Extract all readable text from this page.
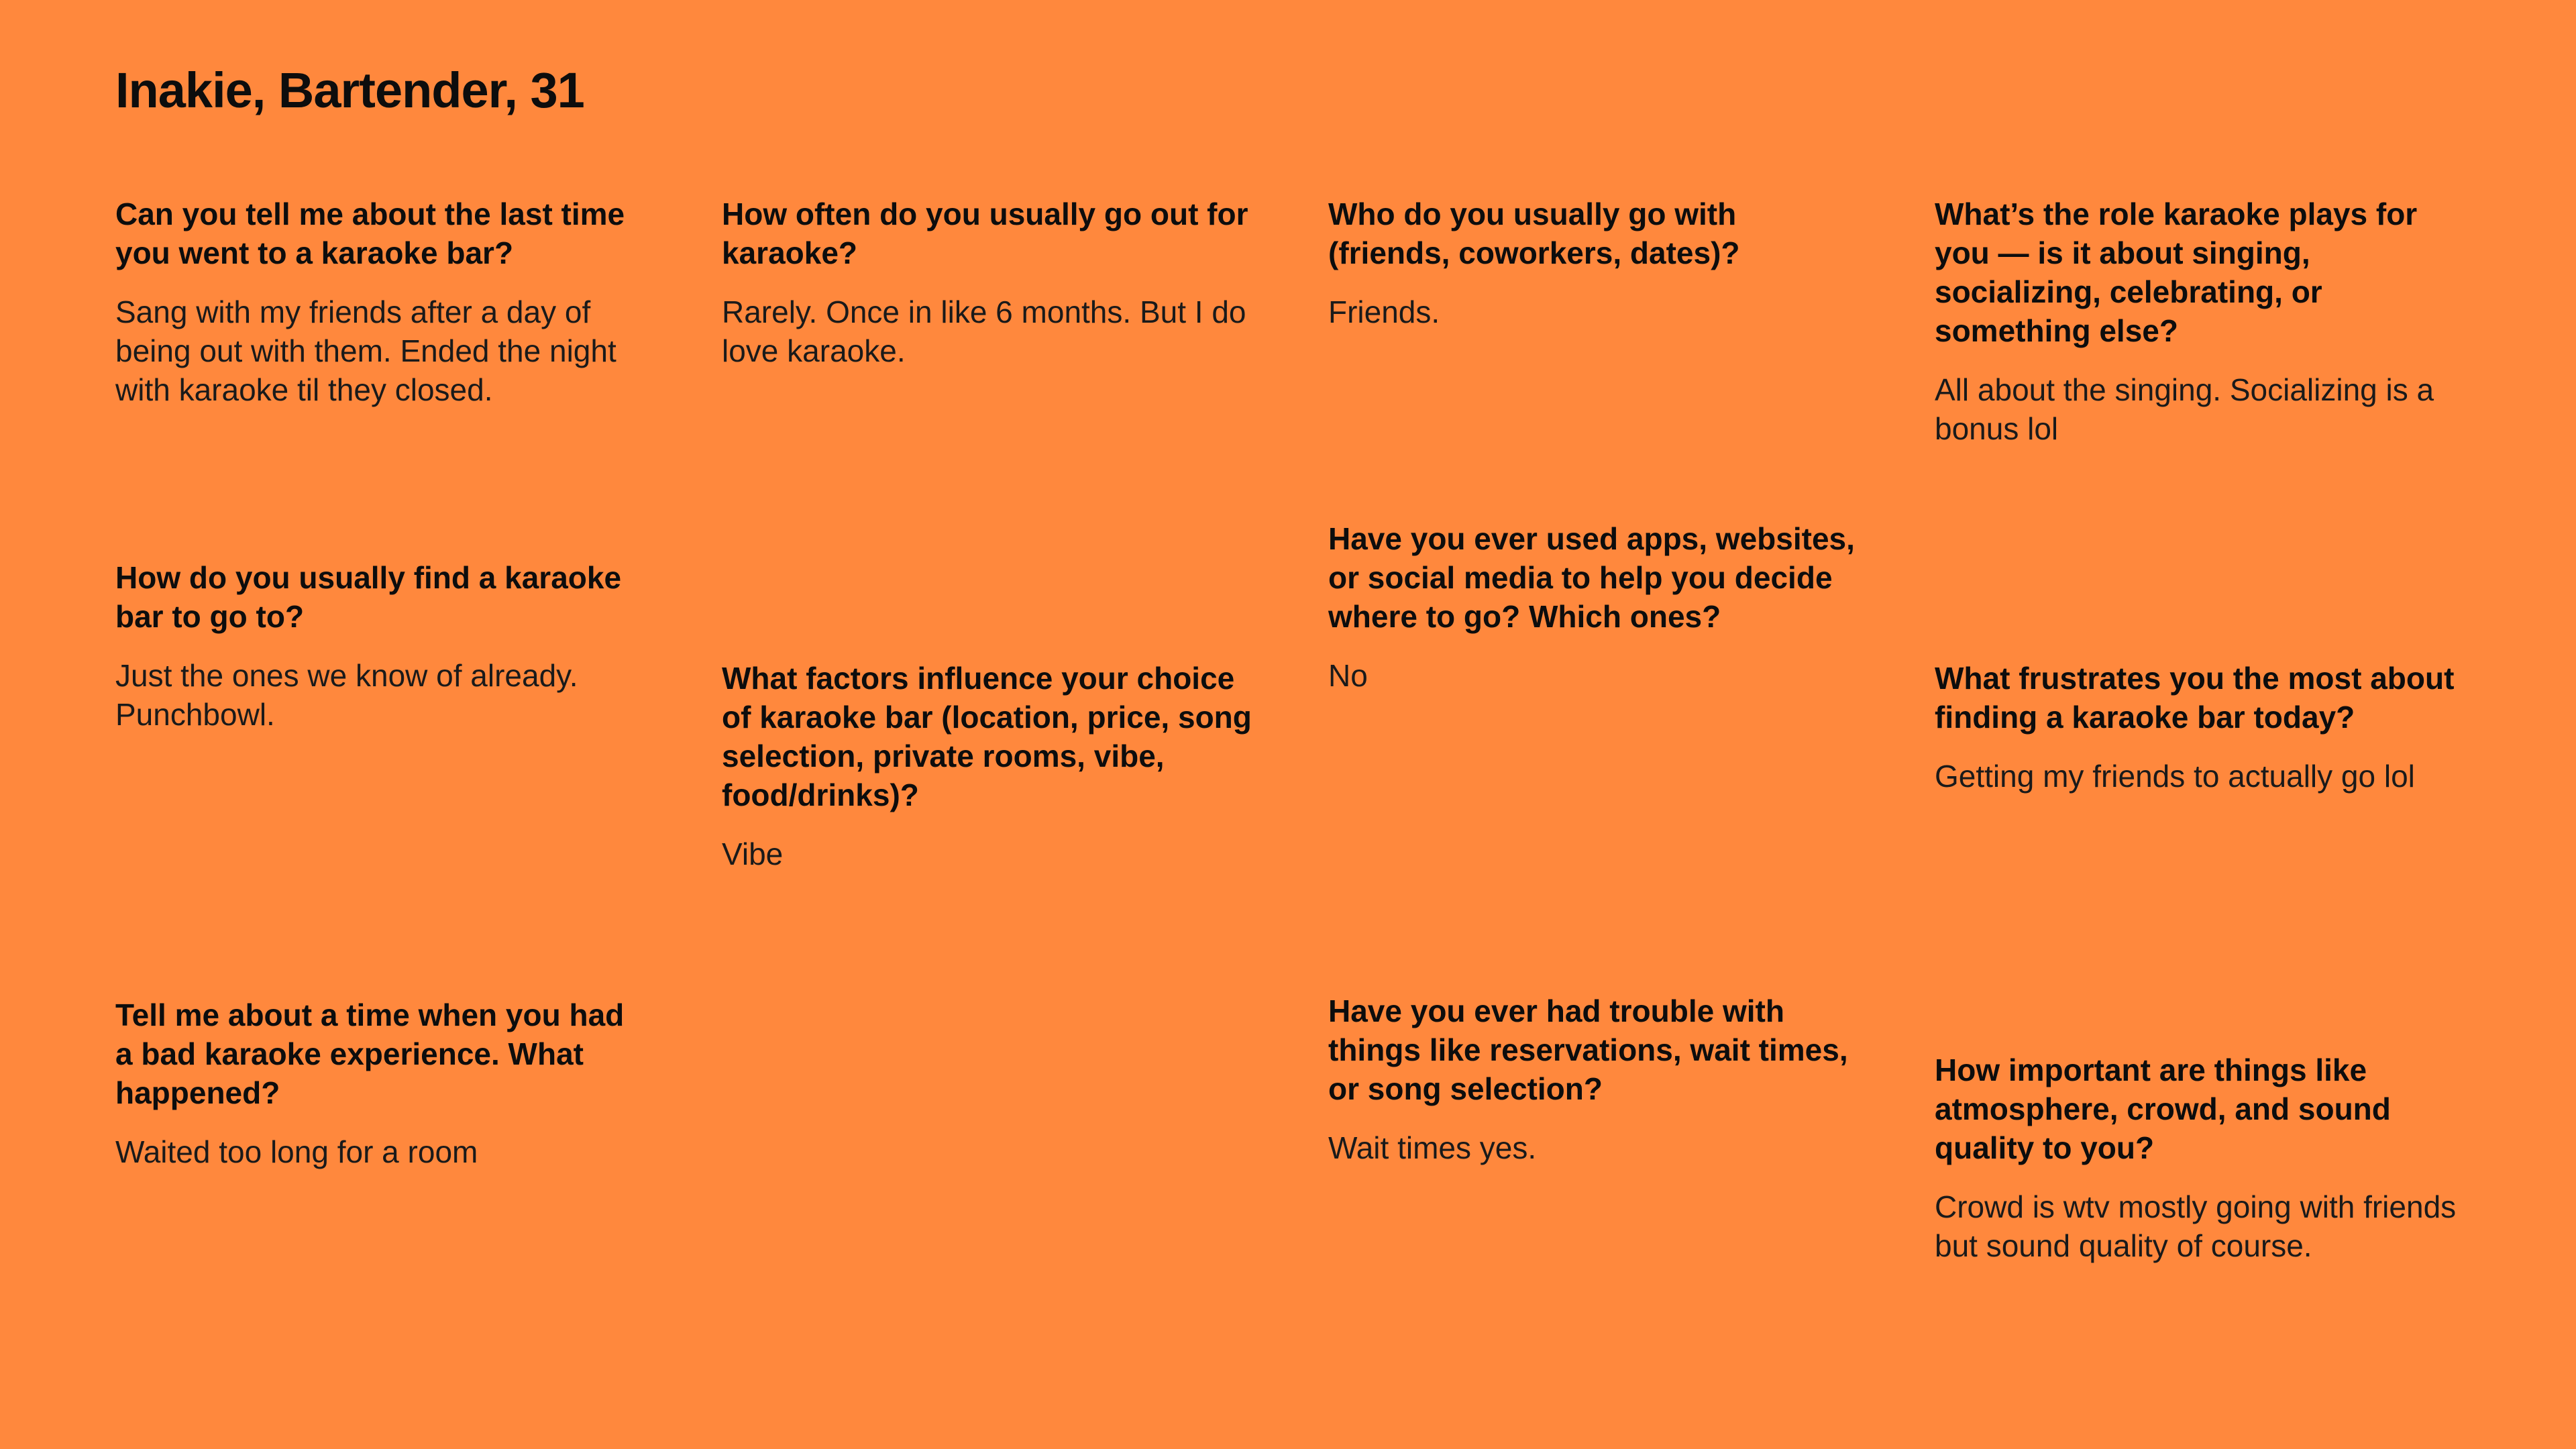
Inakie, Bartender, 31

Can you tell me about the last time you went to a karaoke bar?

Sang with my friends after a day of being out with them. Ended the night with karaoke til they closed.

How often do you usually go out for karaoke?

Rarely. Once in like 6 months. But I do love karaoke.

Who do you usually go with (friends, coworkers, dates)?

Friends.

What’s the role karaoke plays for you — is it about singing, socializing, celebrating, or something else?

All about the singing. Socializing is a bonus lol

How do you usually find a karaoke bar to go to?

Just the ones we know of already. Punchbowl.

What factors influence your choice of karaoke bar (location, price, song selection, private rooms, vibe, food/drinks)?

Vibe

Have you ever used apps, websites, or social media to help you decide where to go? Which ones?

No	What frustrates you the most about finding a karaoke bar today?

Getting my friends to actually go lol

Tell me about a time when you had a bad karaoke experience. What happened?

Waited too long for a room

Have you ever had trouble with things like reservations, wait times, or song selection?

Wait times yes.

How important are things like atmosphere, crowd, and sound quality to you?

Crowd is wtv mostly going with friends but sound quality of course.
